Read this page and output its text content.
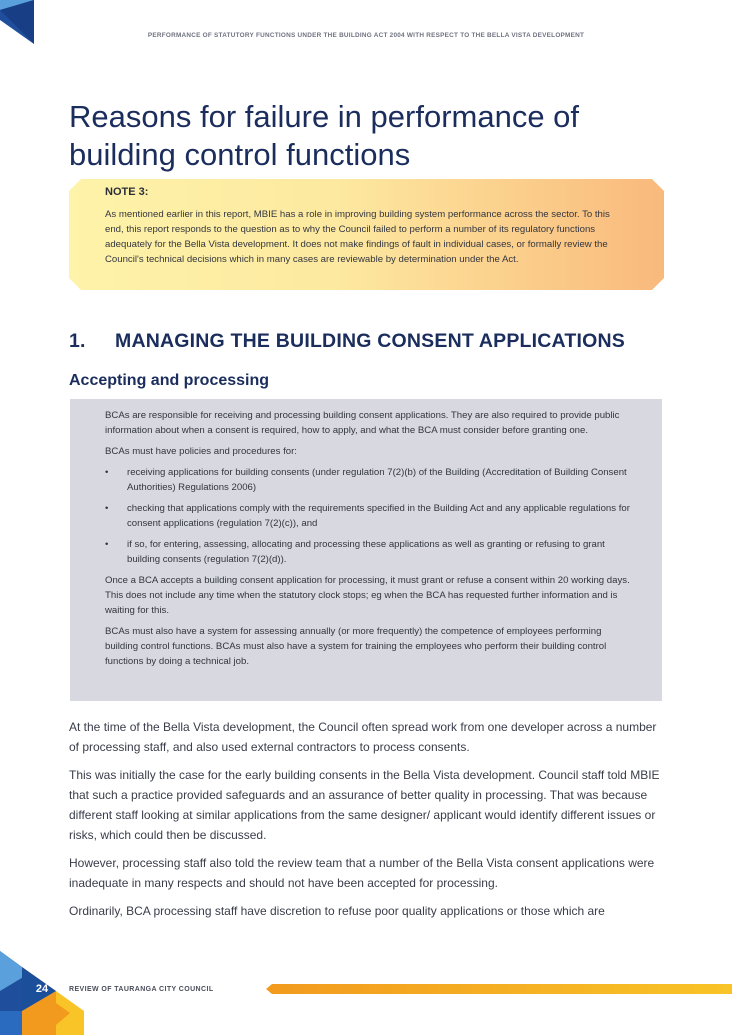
PERFORMANCE OF STATUTORY FUNCTIONS UNDER THE BUILDING ACT 2004 WITH RESPECT TO THE BELLA VISTA DEVELOPMENT
Reasons for failure in performance of building control functions
NOTE 3:

As mentioned earlier in this report, MBIE has a role in improving building system performance across the sector. To this end, this report responds to the question as to why the Council failed to perform a number of its regulatory functions adequately for the Bella Vista development. It does not make findings of fault in individual cases, or formally review the Council's technical decisions which in many cases are reviewable by determination under the Act.

1. MANAGING THE BUILDING CONSENT APPLICATIONS
Accepting and processing

BCAs are responsible for receiving and processing building consent applications. They are also required to provide public information about when a consent is required, how to apply, and what the BCA must consider before granting one.

BCAs must have policies and procedures for:

• receiving applications for building consents (under regulation 7(2)(b) of the Building (Accreditation of Building Consent Authorities) Regulations 2006)
• checking that applications comply with the requirements specified in the Building Act and any applicable regulations for consent applications (regulation 7(2)(c)), and
• if so, for entering, assessing, allocating and processing these applications as well as granting or refusing to grant building consents (regulation 7(2)(d)).

Once a BCA accepts a building consent application for processing, it must grant or refuse a consent within 20 working days. This does not include any time when the statutory clock stops; eg when the BCA has requested further information and is waiting for this.

BCAs must also have a system for assessing annually (or more frequently) the competence of employees performing building control functions. BCAs must also have a system for training the employees who perform their building control functions by doing a technical job.

At the time of the Bella Vista development, the Council often spread work from one developer across a number of processing staff, and also used external contractors to process consents.

This was initially the case for the early building consents in the Bella Vista development. Council staff told MBIE that such a practice provided safeguards and an assurance of better quality in processing. That was because different staff looking at similar applications from the same designer/ applicant would identify different issues or risks, which could then be discussed.

However, processing staff also told the review team that a number of the Bella Vista consent applications were inadequate in many respects and should not have been accepted for processing.

Ordinarily, BCA processing staff have discretion to refuse poor quality applications or those which are

24	REVIEW OF TAURANGA CITY COUNCIL
